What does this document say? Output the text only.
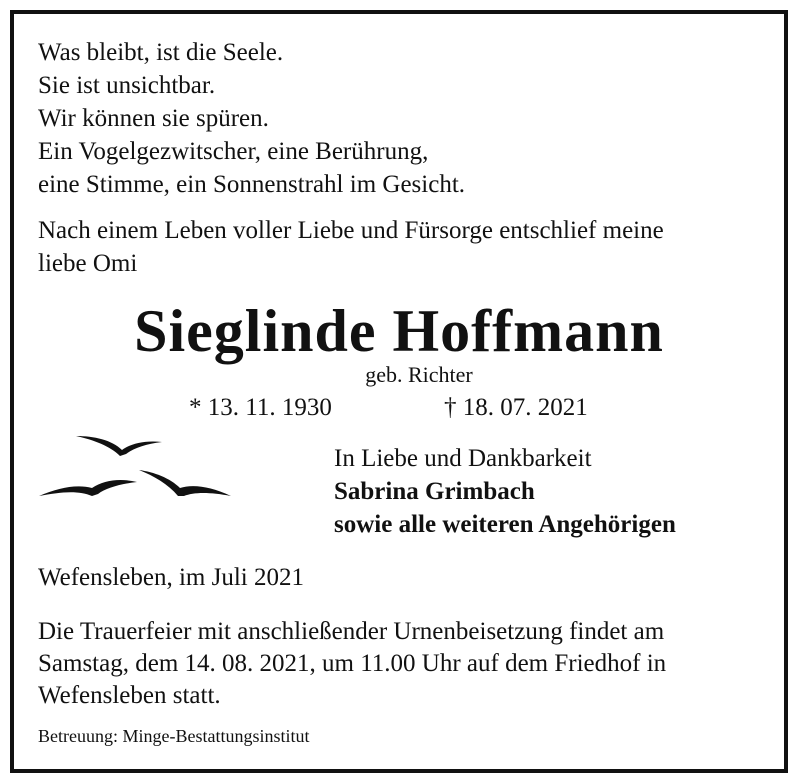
Was bleibt, ist die Seele.
Sie ist unsichtbar.
Wir können sie spüren.
Ein Vogelgezwitscher, eine Berührung,
eine Stimme, ein Sonnenstrahl im Gesicht.
Nach einem Leben voller Liebe und Fürsorge entschlief meine
liebe Omi
Sieglinde Hoffmann
geb. Richter
* 13. 11. 1930	† 18. 07. 2021
In Liebe und Dankbarkeit
Sabrina Grimbach
sowie alle weiteren Angehörigen
Wefensleben, im Juli 2021
Die Trauerfeier mit anschließender Urnenbeisetzung findet am
Samstag, dem 14. 08. 2021, um 11.00 Uhr auf dem Friedhof in
Wefensleben statt.
Betreuung: Minge-Bestattungsinstitut
